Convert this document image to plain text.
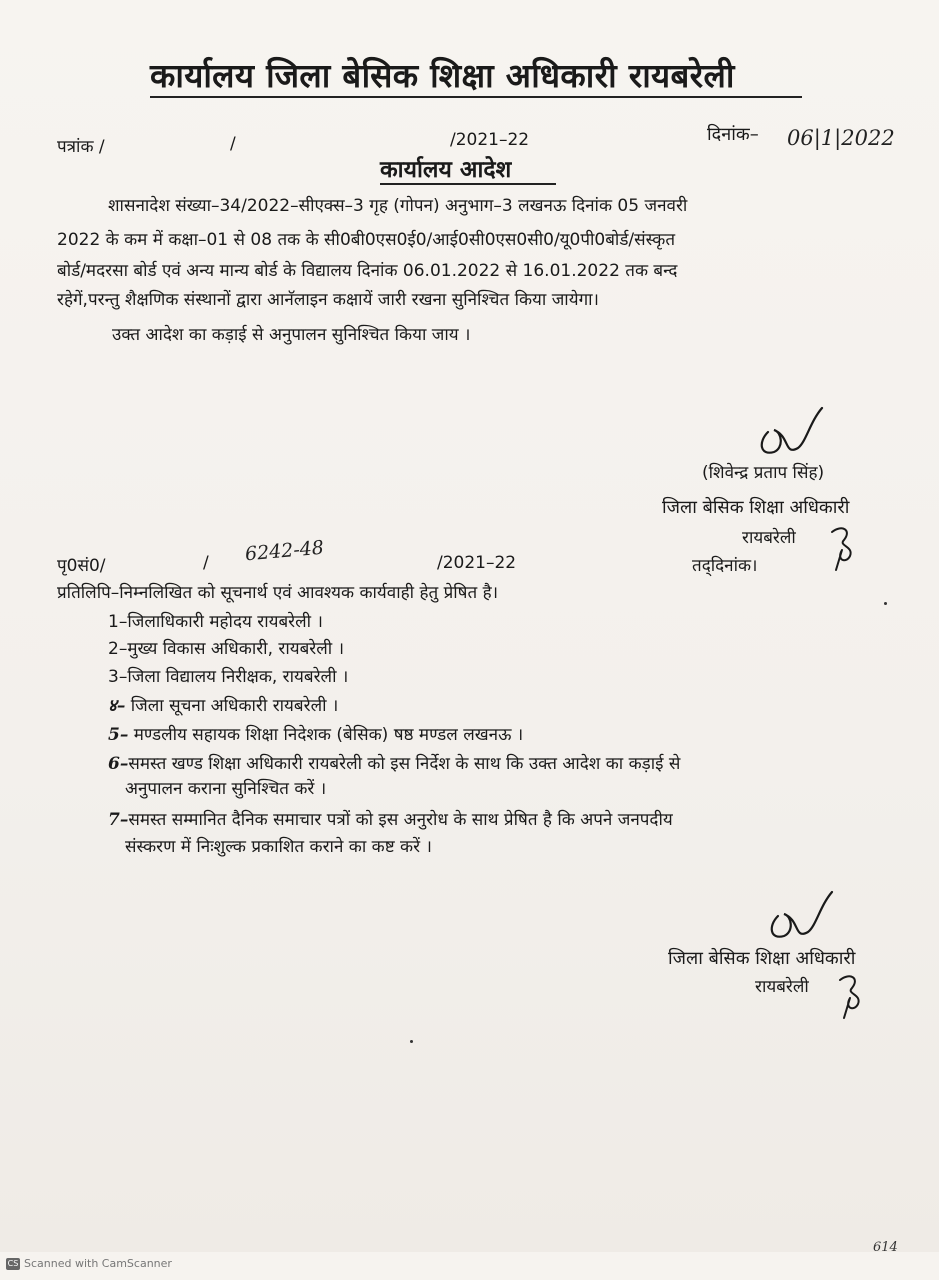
कार्यालय जिला बेसिक शिक्षा अधिकारी रायबरेली
पत्रांक /	/	/2021–22	दिनांक– 06|1|2022
कार्यालय आदेश
शासनादेश संख्या–34/2022–सीएक्स–3 गृह (गोपन) अनुभाग–3 लखनऊ दिनांक 05 जनवरी
2022 के कम में कक्षा–01 से 08 तक के सी0बी0एस0ई0/आई0सी0एस0सी0/यू0पी0बोर्ड/संस्कृत
बोर्ड/मदरसा बोर्ड एवं अन्य मान्य बोर्ड के विद्यालय दिनांक 06.01.2022 से 16.01.2022 तक बन्द
रहेगें,परन्तु शैक्षणिक संस्थानों द्वारा आनॅलाइन कक्षायें जारी रखना सुनिश्चित किया जायेगा।
उक्त आदेश का कड़ाई से अनुपालन सुनिश्चित किया जाय ।
(शिवेन्द्र प्रताप सिंह)
जिला बेसिक शिक्षा अधिकारी
रायबरेली
पृ0सं0/	/ 6242-48	/2021–22	तद्‌दिनांक।
प्रतिलिपि–निम्नलिखित को सूचनार्थ एवं आवश्यक कार्यवाही हेतु प्रेषित है।
1–जिलाधिकारी महोदय रायबरेली ।
2–मुख्य विकास अधिकारी, रायबरेली ।
3–जिला विद्यालय निरीक्षक, रायबरेली ।
४– जिला सूचना अधिकारी रायबरेली ।
5– मण्डलीय सहायक शिक्षा निदेशक (बेसिक) षष्ठ मण्डल लखनऊ ।
6–समस्त खण्ड शिक्षा अधिकारी रायबरेली को इस निर्देश के साथ कि उक्त आदेश का कड़ाई से
अनुपालन कराना सुनिश्चित करें ।
7–समस्त सम्मानित दैनिक समाचार पत्रों को इस अनुरोध के साथ प्रेषित है कि अपने जनपदीय
संस्करण में निःशुल्क प्रकाशित कराने का कष्ट करें ।
जिला बेसिक शिक्षा अधिकारी
रायबरेली
CS Scanned with CamScanner
614
